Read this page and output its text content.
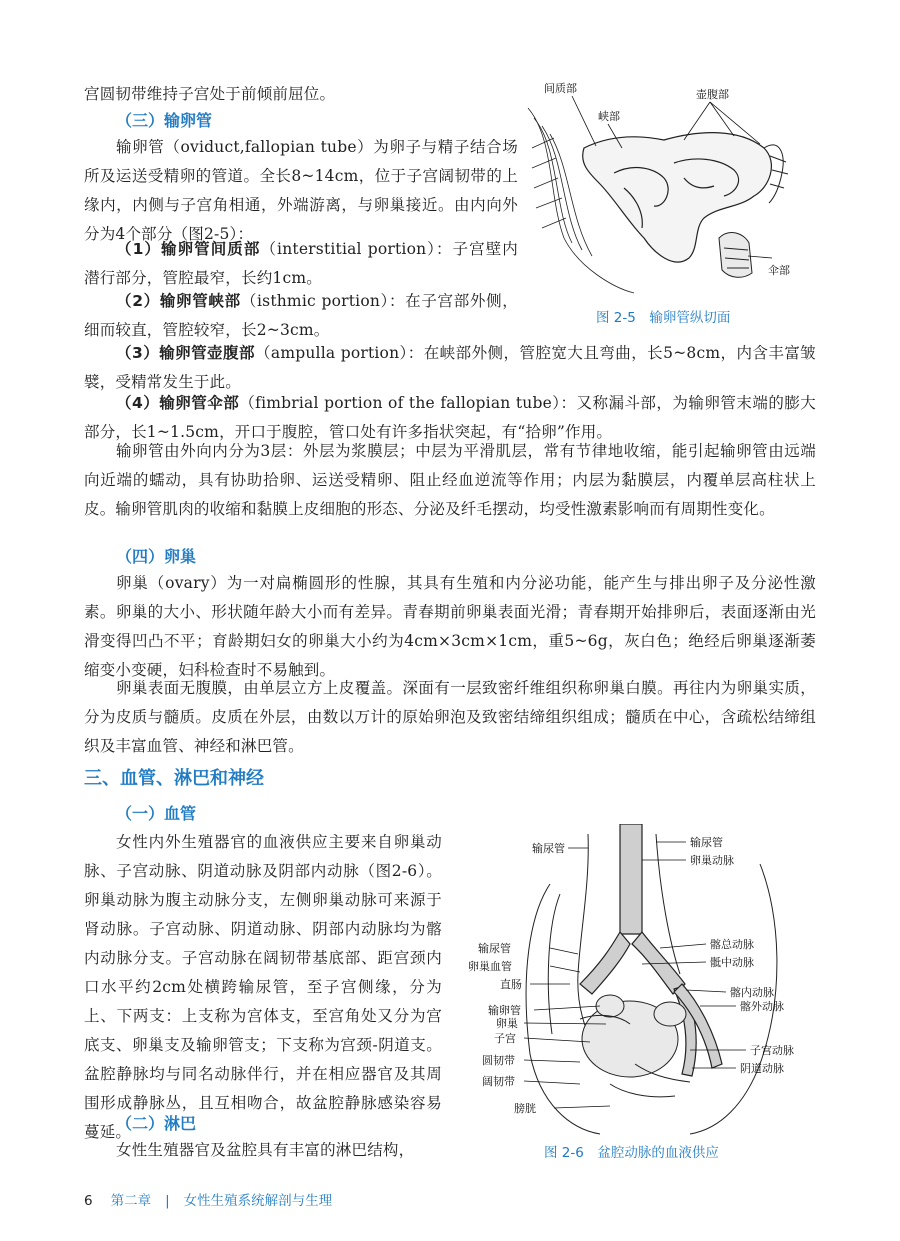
宫圆韧带维持子宫处于前倾前屈位。
（三）输卵管
输卵管（oviduct,fallopian tube）为卵子与精子结合场所及运送受精卵的管道。全长8~14cm，位于子宫阔韧带的上缘内，内侧与子宫角相通，外端游离，与卵巢接近。由内向外分为4个部分（图2-5）：
（1）输卵管间质部（interstitial portion）：子宫壁内潜行部分，管腔最窄，长约1cm。
（2）输卵管峡部（isthmic portion）：在子宫部外侧，细而较直，管腔较窄，长2~3cm。
（3）输卵管壶腹部（ampulla portion）：在峡部外侧，管腔宽大且弯曲，长5~8cm，内含丰富皱襞，受精常发生于此。
（4）输卵管伞部（fimbrial portion of the fallopian tube）：又称漏斗部，为输卵管末端的膨大部分，长1~1.5cm，开口于腹腔，管口处有许多指状突起，有“拾卵”作用。
输卵管由外向内分为3层：外层为浆膜层；中层为平滑肌层，常有节律地收缩，能引起输卵管由远端向近端的蠕动，具有协助拾卵、运送受精卵、阻止经血逆流等作用；内层为黏膜层，内覆单层高柱状上皮。输卵管肌肉的收缩和黏膜上皮细胞的形态、分泌及纤毛摆动，均受性激素影响而有周期性变化。
（四）卵巢
卵巢（ovary）为一对扁椭圆形的性腺，其具有生殖和内分泌功能，能产生与排出卵子及分泌性激素。卵巢的大小、形状随年龄大小而有差异。青春期前卵巢表面光滑；青春期开始排卵后，表面逐渐由光滑变得凹凸不平；育龄期妇女的卵巢大小约为4cm×3cm×1cm，重5~6g，灰白色；绝经后卵巢逐渐萎缩变小变硬，妇科检查时不易触到。
卵巢表面无腹膜，由单层立方上皮覆盖。深面有一层致密纤维组织称卵巢白膜。再往内为卵巢实质，分为皮质与髓质。皮质在外层，由数以万计的原始卵泡及致密结缔组织组成；髓质在中心，含疏松结缔组织及丰富血管、神经和淋巴管。
三、血管、淋巴和神经
（一）血管
女性内外生殖器官的血液供应主要来自卵巢动脉、子宫动脉、阴道动脉及阴部内动脉（图2-6）。卵巢动脉为腹主动脉分支，左侧卵巢动脉可来源于肾动脉。子宫动脉、阴道动脉、阴部内动脉均为髂内动脉分支。子宫动脉在阔韧带基底部、距宫颈内口水平约2cm处横跨输尿管，至子宫侧缘，分为上、下两支：上支称为宫体支，至宫角处又分为宫底支、卵巢支及输卵管支；下支称为宫颈-阴道支。盆腔静脉均与同名动脉伴行，并在相应器官及其周围形成静脉丛，且互相吻合，故盆腔静脉感染容易蔓延。
（二）淋巴
女性生殖器官及盆腔具有丰富的淋巴结构，
间质部
峡部
壶腹部
伞部
图 2-5　输卵管纵切面
输尿管
输尿管
卵巢血管
直肠
输卵管
卵巢
子宫
圆韧带
阔韧带
膀胱
输尿管
卵巢动脉
髂总动脉
骶中动脉
髂内动脉
髂外动脉
子宫动脉
阴道动脉
图 2-6　盆腔动脉的血液供应
6 第二章 | 女性生殖系统解剖与生理
